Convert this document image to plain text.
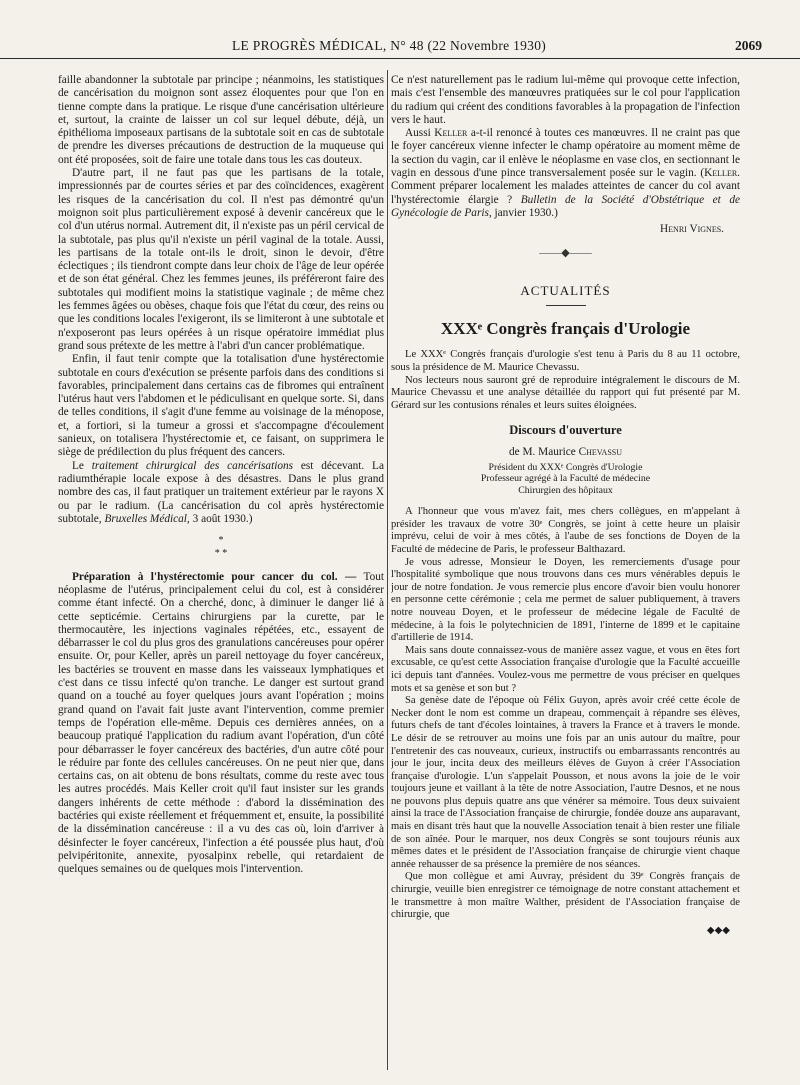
LE PROGRÈS MÉDICAL, N° 48 (22 Novembre 1930)	2069

faille abandonner la subtotale par principe ; néanmoins, les statistiques de cancérisation du moignon sont assez éloquentes pour que l'on en tienne compte dans la pratique. Le risque d'une cancérisation ultérieure et, surtout, la crainte de laisser un col sur lequel débute, déjà, un épithélioma imposeaux partisans de la subtotale soit en cas de subtotale de prendre les diverses précautions de destruction de la muqueuse qui ont été proposées, soit de faire une totale dans tous les cas douteux.

D'autre part, il ne faut pas que les partisans de la totale, impressionnés par de courtes séries et par des coïncidences, exagèrent les risques de la cancérisation du col. Il n'est pas démontré qu'un moignon soit plus particulièrement exposé à devenir cancéreux que le col d'un utérus normal. Autrement dit, il n'existe pas un péril cervical de la subtotale, pas plus qu'il n'existe un péril vaginal de la totale. Aussi, les partisans de la totale ont-ils le droit, sinon le devoir, d'être éclectiques ; ils tiendront compte dans leur choix de l'âge de leur opérée et de son état général. Chez les femmes jeunes, ils préféreront faire des subtotales qui modifient moins la statistique vaginale ; de même chez les femmes âgées ou obèses, chaque fois que l'état du cœur, des reins ou que les conditions locales l'exigeront, ils se limiteront à une subtotale et n'exposeront pas leurs opérées à un risque opératoire immédiat plus grand sous prétexte de les mettre à l'abri d'un cancer problématique.

Enfin, il faut tenir compte que la totalisation d'une hystérectomie subtotale en cours d'exécution se présente parfois dans des conditions si favorables, principalement dans certains cas de fibromes qui entraînent l'utérus haut vers l'abdomen et le pédiculisant en quelque sorte. Si, dans de telles conditions, il s'agit d'une femme au voisinage de la ménopose, et, a fortiori, si la tumeur a grossi et s'accompagne d'écoulement sanieux, on totalisera l'hystérectomie et, ce faisant, on supprimera le siège de prédilection du plus fréquent des cancers.

Le traitement chirurgical des cancérisations est décevant. La radiumthérapie locale expose à des désastres. Dans le plus grand nombre des cas, il faut pratiquer un traitement extérieur par le rayons X ou par le radium. (La cancérisation du col après hystérectomie subtotale, Bruxelles Médical, 3 août 1930.)

*
* *

Préparation à l'hystérectomie pour cancer du col. — Tout néoplasme de l'utérus, principalement celui du col, est à considérer comme étant infecté. On a cherché, donc, à diminuer le danger lié à cette septicémie. Certains chirurgiens par la curette, par le thermocautère, les injections vaginales répétées, etc., essayent de débarrasser le col du plus gros des granulations cancéreuses pour opérer ensuite. Or, pour Keller, après un pareil nettoyage du foyer cancéreux, les bactéries se trouvent en masse dans les vaisseaux lymphatiques et c'est dans ce tissu infecté qu'on tranche. Le danger est surtout grand quand on a touché au foyer quelques jours avant l'opération ; moins grand quand on l'avait fait juste avant l'intervention, comme premier temps de l'opération elle-même. Depuis ces dernières années, on a beaucoup pratiqué l'application du radium avant l'opération, d'un côté pour débarrasser le foyer cancéreux des bactéries, d'un autre côté pour le réduire par fonte des cellules cancéreuses. On ne peut nier que, dans certains cas, on ait obtenu de bons résultats, comme du reste avec tous les autres procédés. Mais Keller croit qu'il faut insister sur les grands dangers inhérents de cette méthode : d'abord la dissémination des bactéries qui existe réellement et fréquemment et, ensuite, la possibilité de la dissémination cancéreuse : il a vu des cas où, loin d'arriver à désinfecter le foyer cancéreux, l'infection a été poussée plus haut, d'où pelvipéritonite, annexite, pyosalpinx rebelle, qui retardaient de quelques semaines ou de quelques mois l'intervention.

Ce n'est naturellement pas le radium lui-même qui provoque cette infection, mais c'est l'ensemble des manœuvres pratiquées sur le col pour l'application du radium qui créent des conditions favorables à la propagation de l'infection vers le haut.

Aussi Keller a-t-il renoncé à toutes ces manœuvres. Il ne craint pas que le foyer cancéreux vienne infecter le champ opératoire au moment même de la section du vagin, car il enlève le néoplasme en vase clos, en sectionnant le vagin en dessous d'une pince transversalement posée sur le vagin. (Keller. Comment préparer localement les malades atteintes de cancer du col avant l'hystérectomie élargie ? Bulletin de la Société d'Obstétrique et de Gynécologie de Paris, janvier 1930.)

Henri Vignes.
——◆——
ACTUALITÉS
XXXᵉ Congrès français d'Urologie

Le XXXᵉ Congrès français d'urologie s'est tenu à Paris du 8 au 11 octobre, sous la présidence de M. Maurice Chevassu.

Nos lecteurs nous sauront gré de reproduire intégralement le discours de M. Maurice Chevassu et une analyse détaillée du rapport qui fut présenté par M. Gérard sur les contusions rénales et leurs suites éloignées.

Discours d'ouverture
de M. Maurice Chevassu
Président du XXXᵉ Congrès d'Urologie
Professeur agrégé à la Faculté de médecine
Chirurgien des hôpitaux

A l'honneur que vous m'avez fait, mes chers collègues, en m'appelant à présider les travaux de votre 30ᵉ Congrès, se joint à cette heure un plaisir imprévu, celui de voir à mes côtés, à l'aube de ses fonctions de Doyen de la Faculté de médecine de Paris, le professeur Balthazard.

Je vous adresse, Monsieur le Doyen, les remerciements d'usage pour l'hospitalité symbolique que nous trouvons dans ces murs vénérables depuis le jour de notre fondation. Je vous remercie plus encore d'avoir bien voulu honorer en personne cette cérémonie ; cela me permet de saluer publiquement, à travers notre nouveau Doyen, et le professeur de médecine légale de Faculté de médecine, à la fois le polytechnicien de 1891, l'interne de 1899 et le capitaine d'artillerie de 1914.

Mais sans doute connaissez-vous de manière assez vague, et vous en êtes fort excusable, ce qu'est cette Association française d'urologie que la Faculté accueille ici depuis tant d'années. Voulez-vous me permettre de vous préciser en quelques mots et sa genèse et son but ?

Sa genèse date de l'époque où Félix Guyon, après avoir créé cette école de Necker dont le nom est comme un drapeau, commençait à répandre ses élèves, futurs chefs de tant d'écoles lointaines, à travers la France et à travers le monde. Le désir de se retrouver au moins une fois par an unis autour du maître, pour l'entretenir des cas nouveaux, curieux, instructifs ou embarrassants rencontrés au jour le jour, incita deux des meilleurs élèves de Guyon à créer l'Association française d'urologie. L'un s'appelait Pousson, et nous avons la joie de le voir toujours jeune et vaillant à la tête de notre Association, l'autre Desnos, et ne nous ne pouvons plus depuis quatre ans que vénérer sa mémoire. Tous deux suivaient ainsi la trace de l'Association française de chirurgie, fondée douze ans auparavant, mais en disant très haut que la nouvelle Association tenait à bien rester une filiale de son aînée. Pour le marquer, nos deux Congrès se sont toujours réunis aux mêmes dates et le président de l'Association française de chirurgie vient chaque année rehausser de sa présence la première de nos séances.

Que mon collègue et ami Auvray, président du 39ᵉ Congrès français de chirurgie, veuille bien enregistrer ce témoignage de notre constant attachement et le transmettre à mon maître Walther, président de l'Association française de chirurgie, que

◆◆◆
